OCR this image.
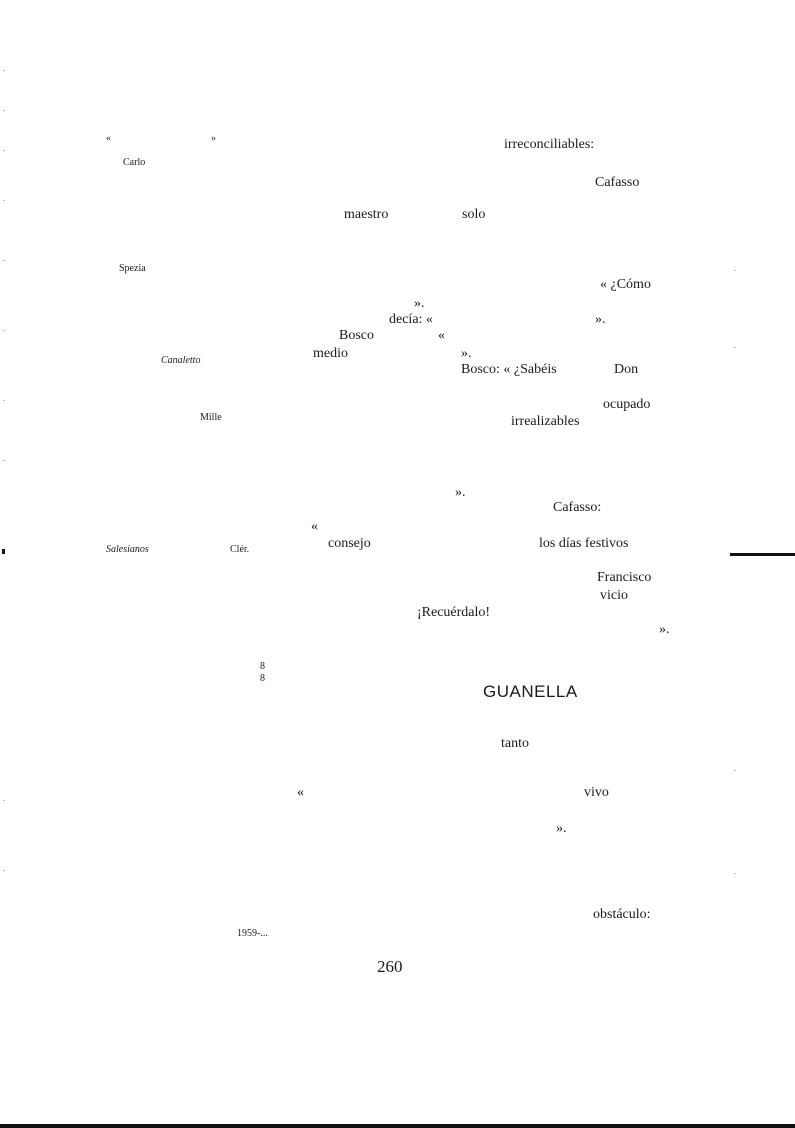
«	»
Carlo
irreconciliables:
Cafasso
maestro	solo
Spezia
« ¿Cómo
».
decía: «	».
Bosco	«
Canaletto	medio	».
Bosco: « ¿Sabéis	Don
ocupado
Mille	irrealizables
».
Cafasso:
«
Salesianos	Clér.	consejo	los días festivos
Francisco
vicio
¡Recuérdalo!
».
8
8
GUANELLA
tanto
«	vivo
».
obstáculo:
1959-...
260
